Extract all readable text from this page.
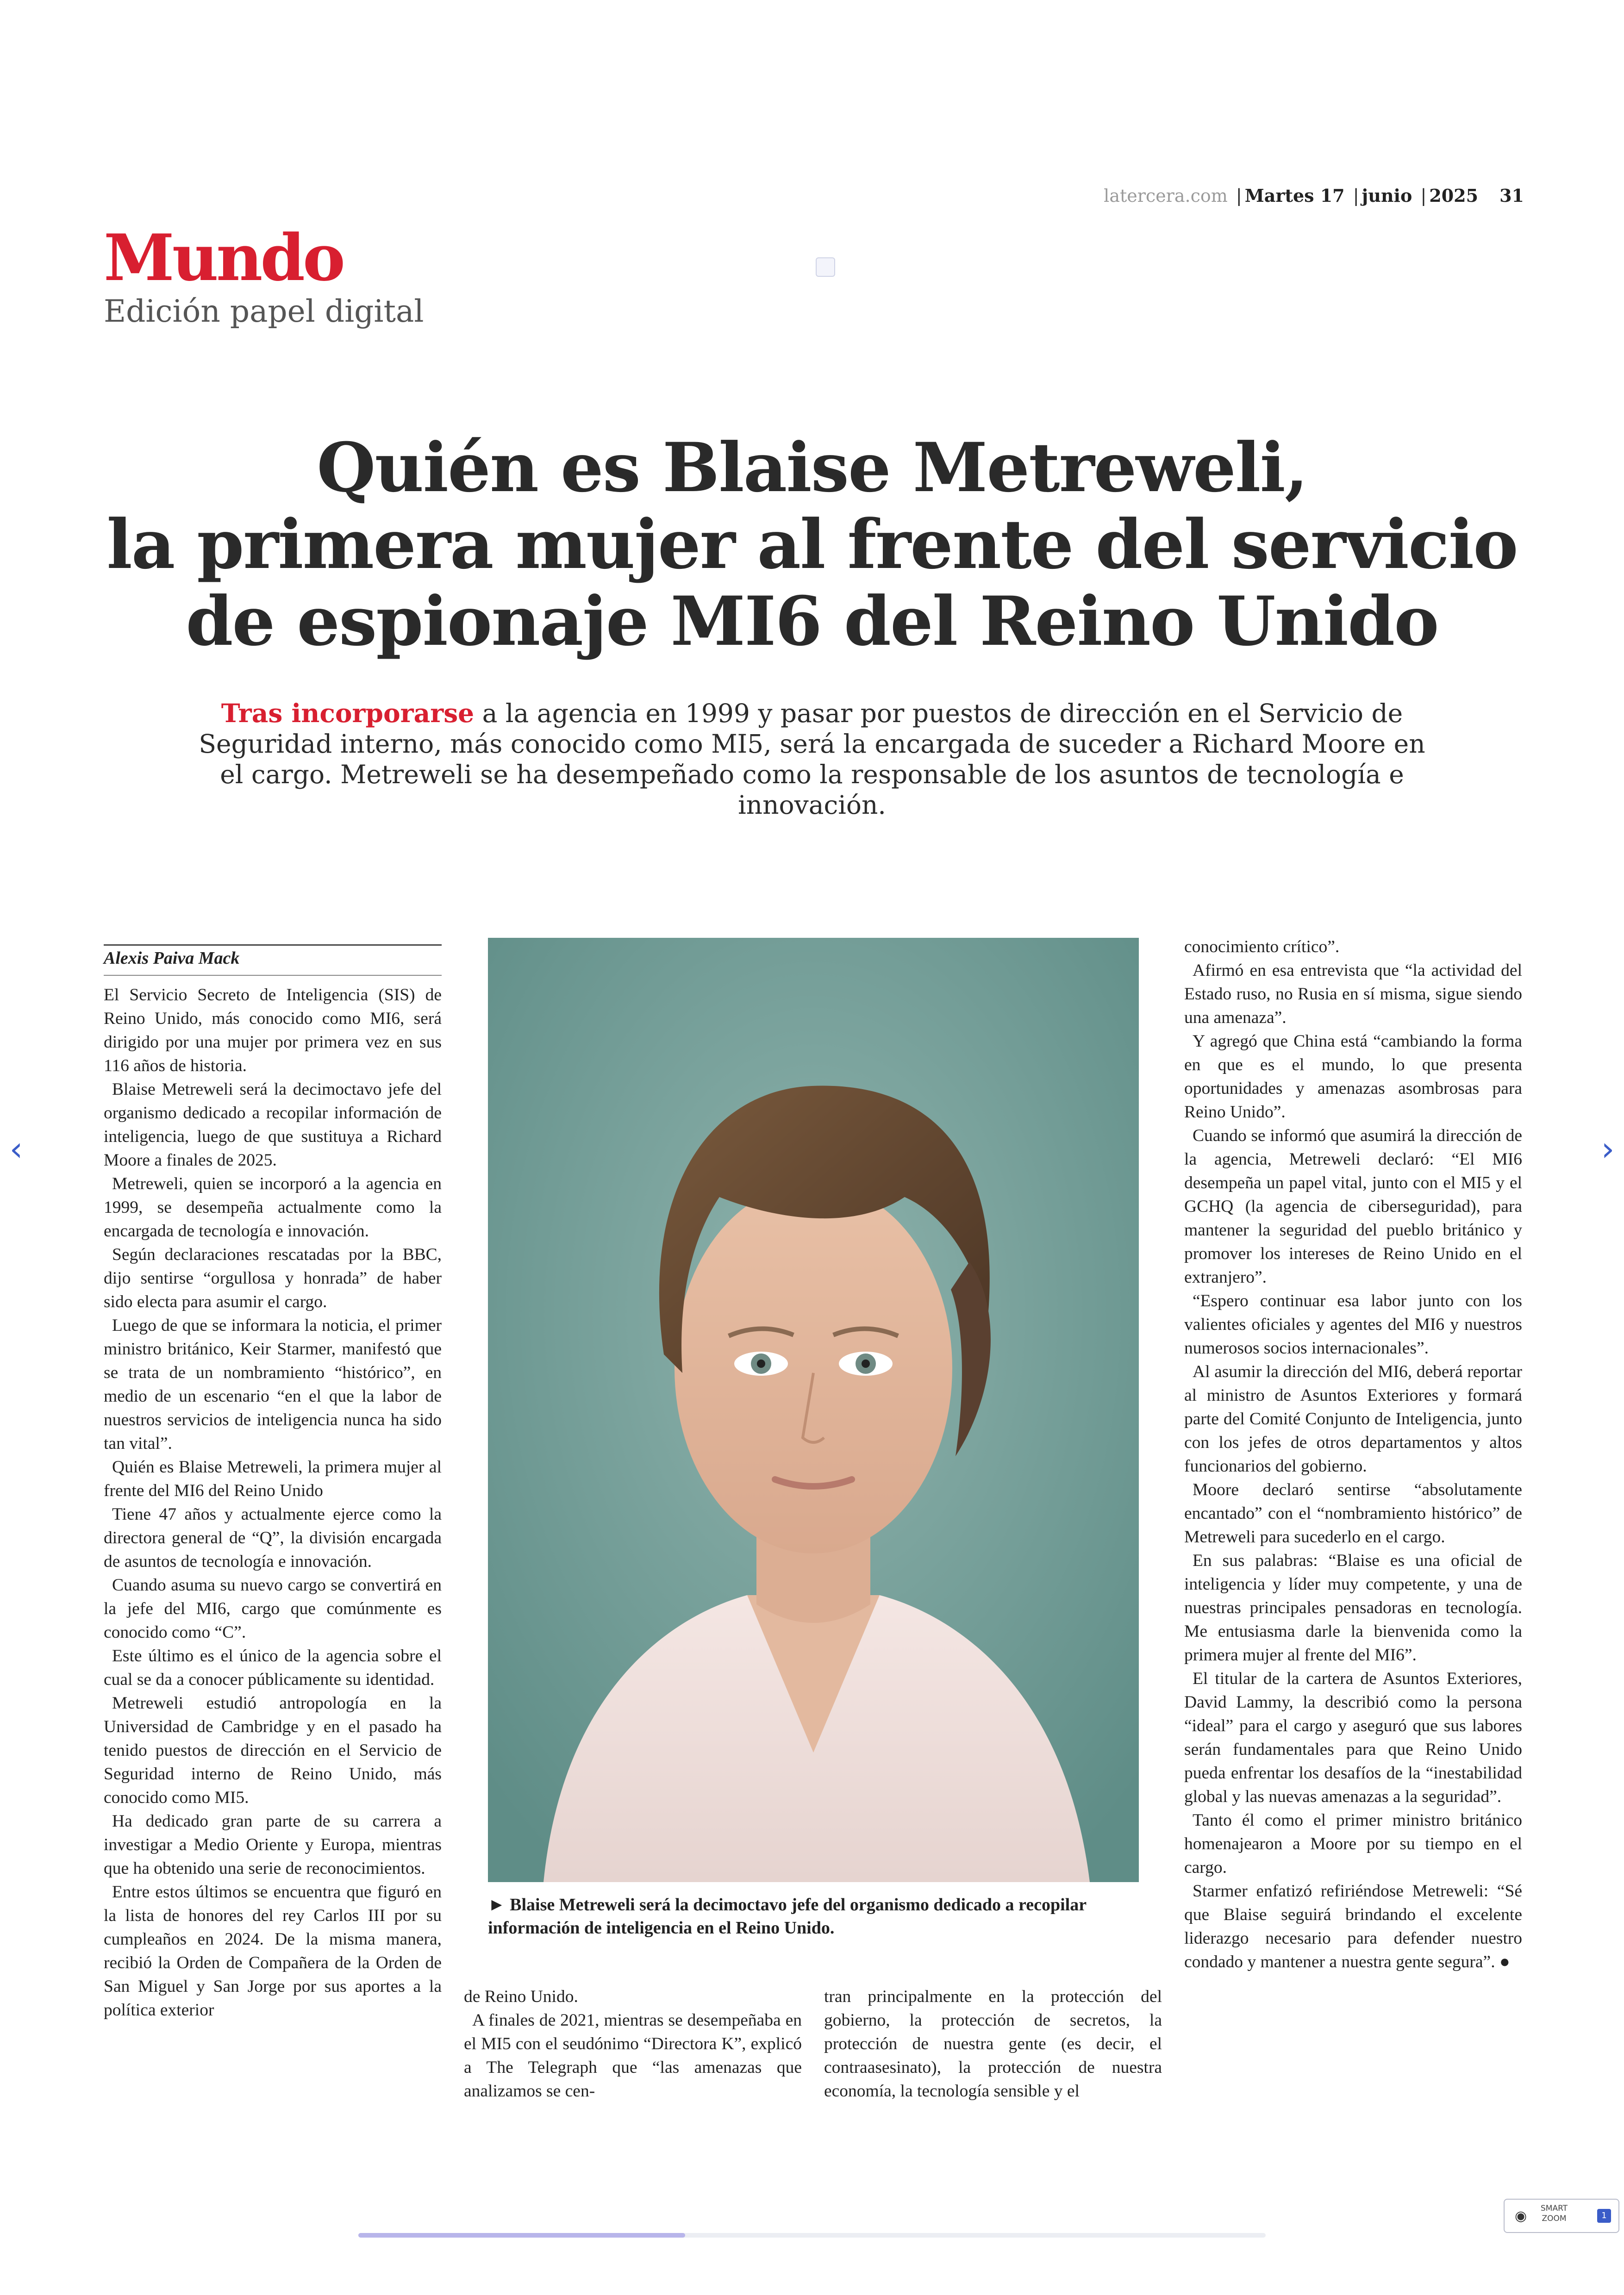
latercera.com | Martes 17 | junio | 2025 31
Mundo
Edición papel digital
Quién es Blaise Metreweli,
la primera mujer al frente del servicio
de espionaje MI6 del Reino Unido
Tras incorporarse a la agencia en 1999 y pasar por puestos de dirección en el Servicio de Seguridad interno, más conocido como MI5, será la encargada de suceder a Richard Moore en el cargo. Metreweli se ha desempeñado como la responsable de los asuntos de tecnología e innovación.
Alexis Paiva Mack

El Servicio Secreto de Inteligencia (SIS) de Reino Unido, más conocido como MI6, será dirigido por una mujer por primera vez en sus 116 años de historia.

Blaise Metreweli será la decimoctavo jefe del organismo dedicado a recopilar información de inteligencia, luego de que sustituya a Richard Moore a finales de 2025.

Metreweli, quien se incorporó a la agencia en 1999, se desempeña actualmente como la encargada de tecnología e innovación.

Según declaraciones rescatadas por la BBC, dijo sentirse “orgullosa y honrada” de haber sido electa para asumir el cargo.

Luego de que se informara la noticia, el primer ministro británico, Keir Starmer, manifestó que se trata de un nombramiento “histórico”, en medio de un escenario “en el que la labor de nuestros servicios de inteligencia nunca ha sido tan vital”.

Quién es Blaise Metreweli, la primera mujer al frente del MI6 del Reino Unido

Tiene 47 años y actualmente ejerce como la directora general de “Q”, la división encargada de asuntos de tecnología e innovación.

Cuando asuma su nuevo cargo se convertirá en la jefe del MI6, cargo que comúnmente es conocido como “C”.

Este último es el único de la agencia sobre el cual se da a conocer públicamente su identidad.

Metreweli estudió antropología en la Universidad de Cambridge y en el pasado ha tenido puestos de dirección en el Servicio de Seguridad interno de Reino Unido, más conocido como MI5.

Ha dedicado gran parte de su carrera a investigar a Medio Oriente y Europa, mientras que ha obtenido una serie de reconocimientos.

Entre estos últimos se encuentra que figuró en la lista de honores del rey Carlos III por su cumpleaños en 2024. De la misma manera, recibió la Orden de Compañera de la Orden de San Miguel y San Jorge por sus aportes a la política exterior

► Blaise Metreweli será la decimoctavo jefe del organismo dedicado a recopilar información de inteligencia en el Reino Unido.

de Reino Unido.

A finales de 2021, mientras se desempeñaba en el MI5 con el seudónimo “Directora K”, explicó a The Telegraph que “las amenazas que analizamos se cen-

tran principalmente en la protección del gobierno, la protección de secretos, la protección de nuestra gente (es decir, el contraasesinato), la protección de nuestra economía, la tecnología sensible y el

conocimiento crítico”.

Afirmó en esa entrevista que “la actividad del Estado ruso, no Rusia en sí misma, sigue siendo una amenaza”.

Y agregó que China está “cambiando la forma en que es el mundo, lo que presenta oportunidades y amenazas asombrosas para Reino Unido”.

Cuando se informó que asumirá la dirección de la agencia, Metreweli declaró: “El MI6 desempeña un papel vital, junto con el MI5 y el GCHQ (la agencia de ciberseguridad), para mantener la seguridad del pueblo británico y promover los intereses de Reino Unido en el extranjero”.

“Espero continuar esa labor junto con los valientes oficiales y agentes del MI6 y nuestros numerosos socios internacionales”.

Al asumir la dirección del MI6, deberá reportar al ministro de Asuntos Exteriores y formará parte del Comité Conjunto de Inteligencia, junto con los jefes de otros departamentos y altos funcionarios del gobierno.

Moore declaró sentirse “absolutamente encantado” con el “nombramiento histórico” de Metreweli para sucederlo en el cargo.

En sus palabras: “Blaise es una oficial de inteligencia y líder muy competente, y una de nuestras principales pensadoras en tecnología. Me entusiasma darle la bienvenida como la primera mujer al frente del MI6”.

El titular de la cartera de Asuntos Exteriores, David Lammy, la describió como la persona “ideal” para el cargo y aseguró que sus labores serán fundamentales para que Reino Unido pueda enfrentar los desafíos de la “inestabilidad global y las nuevas amenazas a la seguridad”.

Tanto él como el primer ministro británico homenajearon a Moore por su tiempo en el cargo.

Starmer enfatizó refiriéndose Metreweli: “Sé que Blaise seguirá brindando el excelente liderazgo necesario para defender nuestro condado y mantener a nuestra gente segura”. ●

‹	›
◉ SMART
ZOOM	1
